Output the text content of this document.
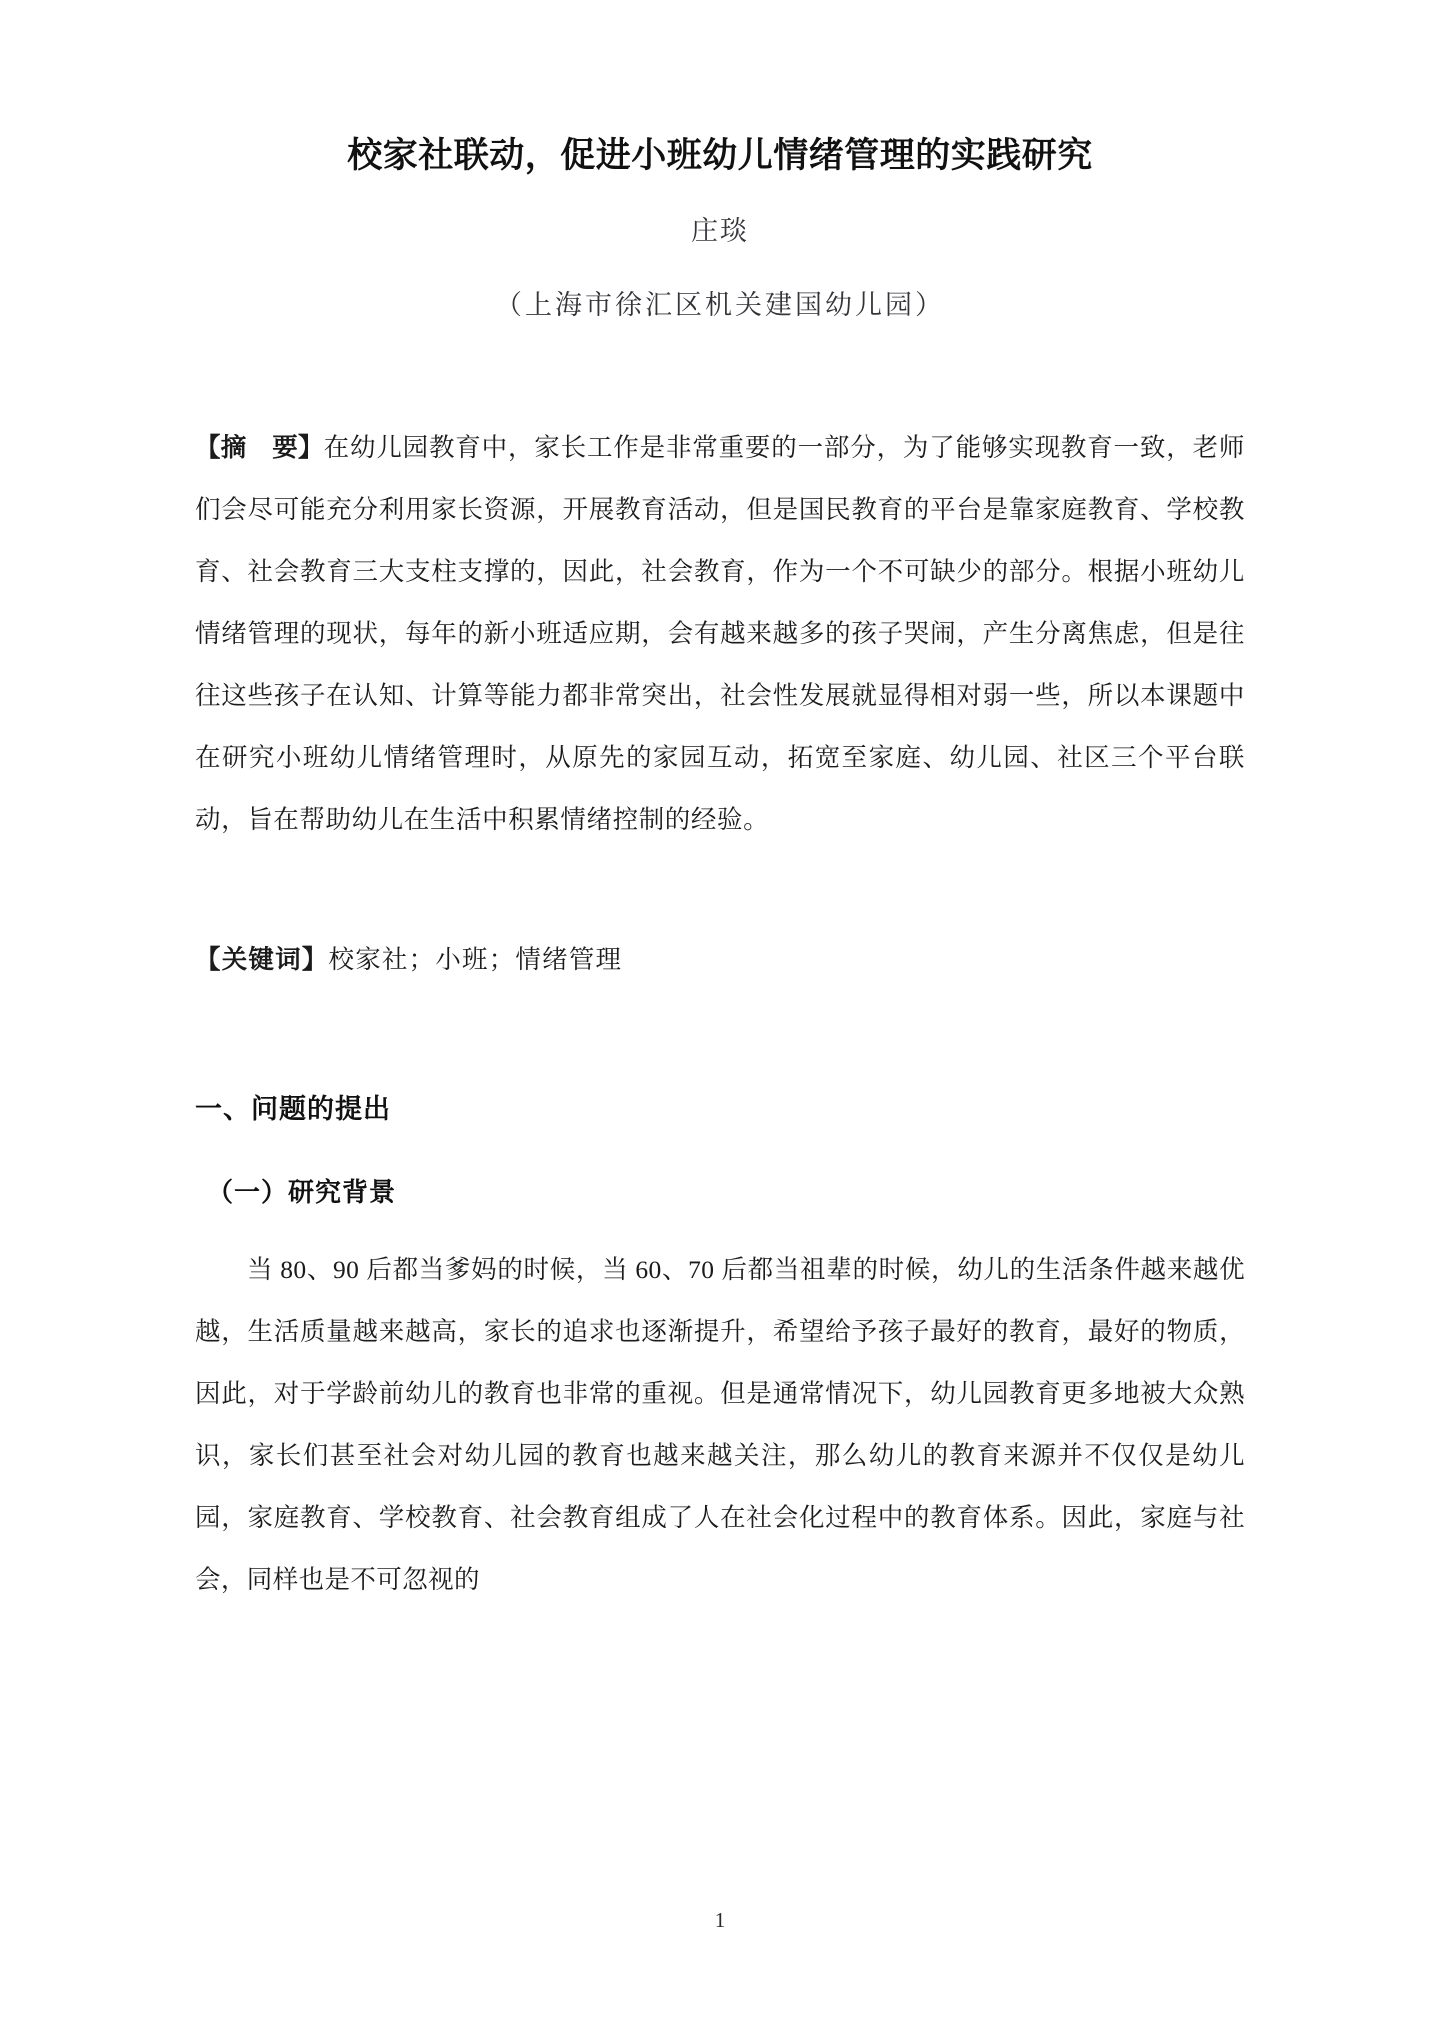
校家社联动，促进小班幼儿情绪管理的实践研究
庄琰
（上海市徐汇区机关建国幼儿园）

【摘　要】在幼儿园教育中，家长工作是非常重要的一部分，为了能够实现教育一致，老师们会尽可能充分利用家长资源，开展教育活动，但是国民教育的平台是靠家庭教育、学校教育、社会教育三大支柱支撑的，因此，社会教育，作为一个不可缺少的部分。根据小班幼儿情绪管理的现状，每年的新小班适应期，会有越来越多的孩子哭闹，产生分离焦虑，但是往往这些孩子在认知、计算等能力都非常突出，社会性发展就显得相对弱一些，所以本课题中在研究小班幼儿情绪管理时，从原先的家园互动，拓宽至家庭、幼儿园、社区三个平台联动，旨在帮助幼儿在生活中积累情绪控制的经验。

【关键词】校家社；小班；情绪管理

一、问题的提出
（一）研究背景

当 80、90 后都当爹妈的时候，当 60、70 后都当祖辈的时候，幼儿的生活条件越来越优越，生活质量越来越高，家长的追求也逐渐提升，希望给予孩子最好的教育，最好的物质，因此，对于学龄前幼儿的教育也非常的重视。但是通常情况下，幼儿园教育更多地被大众熟识，家长们甚至社会对幼儿园的教育也越来越关注，那么幼儿的教育来源并不仅仅是幼儿园，家庭教育、学校教育、社会教育组成了人在社会化过程中的教育体系。因此，家庭与社会，同样也是不可忽视的

1
